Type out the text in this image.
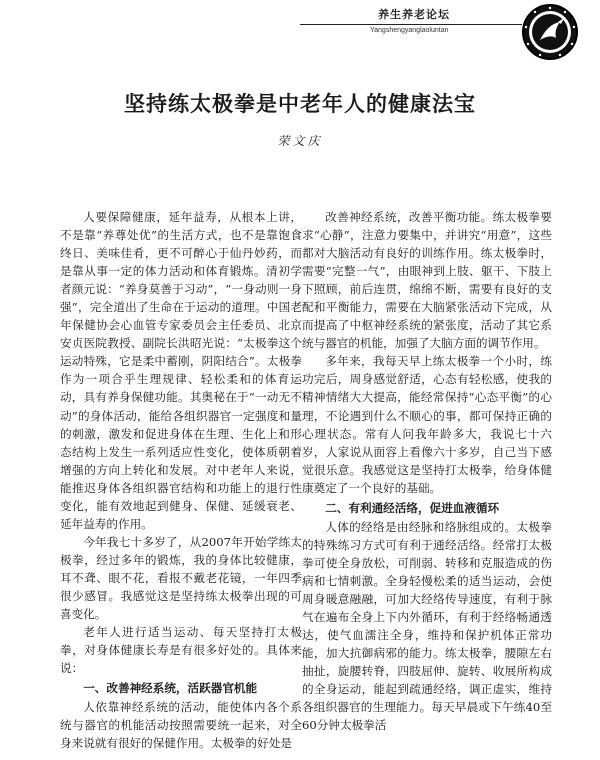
养生养老论坛
Yangshengyanglaoluntan
坚持练太极拳是中老年人的健康法宝
荣文庆

人要保障健康，延年益寿，从根本上讲，不是靠“养尊处优”的生活方式，也不是靠饱食终日、美味佳肴，更不可醉心于仙丹妙药，而是靠从事一定的体力活动和体育锻炼。清初学者颜元说：“养身莫善于习动”，“一身动则一身强”，完全道出了生命在于运动的道理。中国老年保健协会心血管专家委员会主任委员、北京安贞医院教授、副院长洪昭光说：“太极拳这个运动特殊，它是柔中蓄刚，阴阳结合”。太极拳作为一项合乎生理规律、轻松柔和的体育运动，具有养身保健功能。其奥秘在于“一动无不动”的身体活动，能给各组织器官一定强度和量的刺激，激发和促进身体在生理、生化上和形态结构上发生一系列适应性变化，使体质朝着增强的方向上转化和发展。对中老年人来说，能推迟身体各组织器官结构和功能上的退行性变化，能有效地起到健身、保健、延缓衰老、延年益寿的作用。

今年我七十多岁了，从2007年开始学练太极拳，经过多年的锻炼，我的身体比较健康，耳不聋、眼不花，看报不戴老花镜，一年四季很少感冒。我感觉这是坚持练太极拳出现的可喜变化。

老年人进行适当运动、每天坚持打太极拳，对身体健康长寿是有很多好处的。具体来说：

一、改善神经系统，活跃器官机能

人依靠神经系统的活动，能使体内各个系统与器官的机能活动按照需要统一起来，对全身来说就有很好的保健作用。太极拳的好处是

改善神经系统，改善平衡功能。练太极拳要求“心静”，注意力要集中，并讲究“用意”，这些都对大脑活动有良好的训练作用。练太极拳时，需要“完整一气”，由眼神到上肢、躯干、下肢上下照顾，前后连贯，绵绵不断，需要有良好的支配和平衡能力，需要在大脑紧张活动下完成，从而提高了中枢神经系统的紧张度，活动了其它系统与器官的机能，加强了大脑方面的调节作用。

多年来，我每天早上练太极拳一个小时，练功完后，周身感觉舒适，心态有轻松感，使我的精神情绪大大提高，能经常保持“心态平衡”的心理，不论遇到什么不顺心的事，都可保持正确的心理状态。常有人问我年龄多大，我说七十六岁，人家说从面容上看像六十多岁，自己当下感觉很乐意。我感觉这是坚持打太极拳，给身体健康奠定了一个良好的基础。

二、有利通经活络，促进血液循环

人体的经络是由经脉和络脉组成的。太极拳的特殊练习方式可有利于通经活络。经常打太极拳可使全身放松，可削弱、转移和克服造成的伤病和七情刺激。全身轻慢松柔的适当运动，会使周身暖意融融，可加大经络传导速度，有利于脉气在遍布全身上下内外循环，有利于经络畅通透达，使气血濡注全身，维持和保护机体正常功能，加大抗御病邪的能力。练太极拳，腰隙左右抽扯，旋腰转脊，四肢屈伸、旋转、收展所构成的全身运动，能起到疏通经络，调正虚实，维持各组织器官的生理能力。每天早晨或下午练40至60分钟太极拳活
